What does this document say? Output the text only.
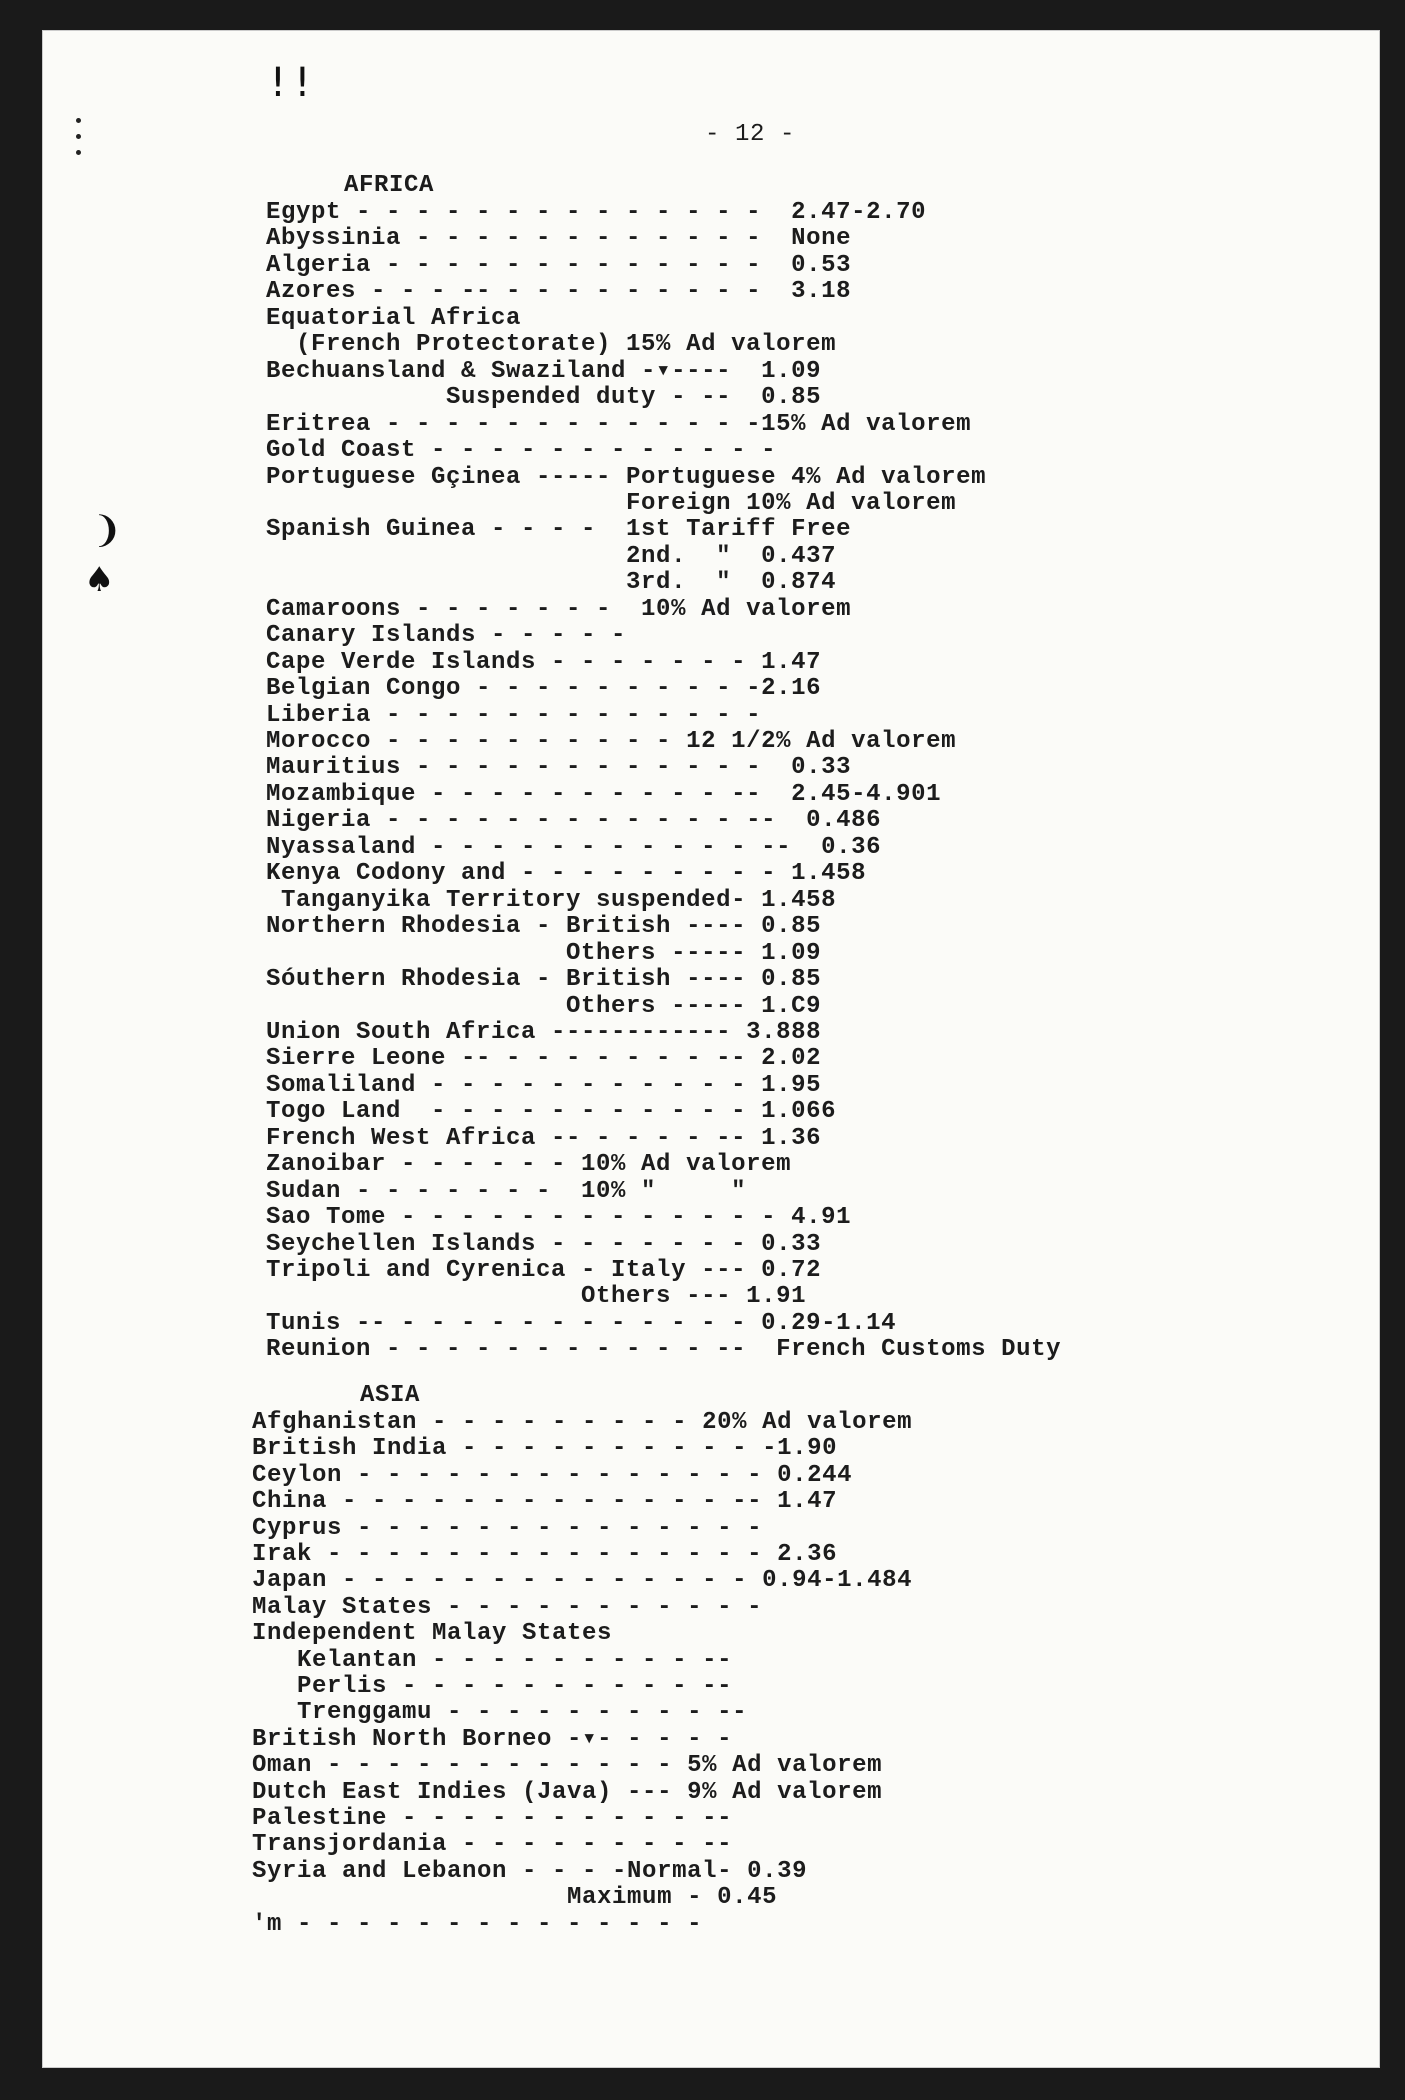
ǃ ǃ
❩
♠
- 12 -
AFRICA
Egypt - - - - - - - - - - - - - -  2.47-2.70
Abyssinia - - - - - - - - - - - -  None
Algeria - - - - - - - - - - - - -  0.53
Azores - - - -- - - - - - - - - -  3.18
Equatorial Africa
(French Protectorate) 15% Ad valorem
Bechuansland & Swaziland -▾----  1.09
Suspended duty - --  0.85
Eritrea - - - - - - - - - - - - -15% Ad valorem
Gold Coast - - - - - - - - - - - -
Portuguese Gçinea ----- Portuguese 4% Ad valorem
Foreign 10% Ad valorem
Spanish Guinea - - - -  1st Tariff Free
2nd.  "  0.437
3rd.  "  0.874
Camaroons - - - - - - -  10% Ad valorem
Canary Islands - - - - -
Cape Verde Islands - - - - - - - 1.47
Belgian Congo - - - - - - - - - -2.16
Liberia - - - - - - - - - - - - -
Morocco - - - - - - - - - - 12 1/2% Ad valorem
Mauritius - - - - - - - - - - - -  0.33
Mozambique - - - - - - - - - - --  2.45-4.901
Nigeria - - - - - - - - - - - - --  0.486
Nyassaland - - - - - - - - - - - --  0.36
Kenya Codony and - - - - - - - - - 1.458
Tanganyika Territory suspended- 1.458
Northern Rhodesia - British ---- 0.85
Others ----- 1.09
Sóuthern Rhodesia - British ---- 0.85
Others ----- 1.C9
Union South Africa ------------ 3.888
Sierre Leone -- - - - - - - - -- 2.02
Somaliland - - - - - - - - - - - 1.95
Togo Land  - - - - - - - - - - - 1.066
French West Africa -- - - - - -- 1.36
Zanoibar - - - - - - 10% Ad valorem
Sudan - - - - - - -  10% "     "
Sao Tome - - - - - - - - - - - - - 4.91
Seychellen Islands - - - - - - - 0.33
Tripoli and Cyrenica - Italy --- 0.72
Others --- 1.91
Tunis -- - - - - - - - - - - - - 0.29-1.14
Reunion - - - - - - - - - - - --  French Customs Duty
ASIA
Afghanistan - - - - - - - - - 20% Ad valorem
British India - - - - - - - - - - -1.90
Ceylon - - - - - - - - - - - - - - 0.244
China - - - - - - - - - - - - - -- 1.47
Cyprus - - - - - - - - - - - - - -
Irak - - - - - - - - - - - - - - - 2.36
Japan - - - - - - - - - - - - - - 0.94-1.484
Malay States - - - - - - - - - - -
Independent Malay States
Kelantan - - - - - - - - - --
Perlis - - - - - - - - - - --
Trenggamu - - - - - - - - - --
British North Borneo -▾- - - - -
Oman - - - - - - - - - - - - 5% Ad valorem
Dutch East Indies (Java) --- 9% Ad valorem
Palestine - - - - - - - - - - --
Transjordania - - - - - - - - --
Syria and Lebanon - - - -Normal- 0.39
Maximum - 0.45
'm - - - - - - - - - - - - - -
